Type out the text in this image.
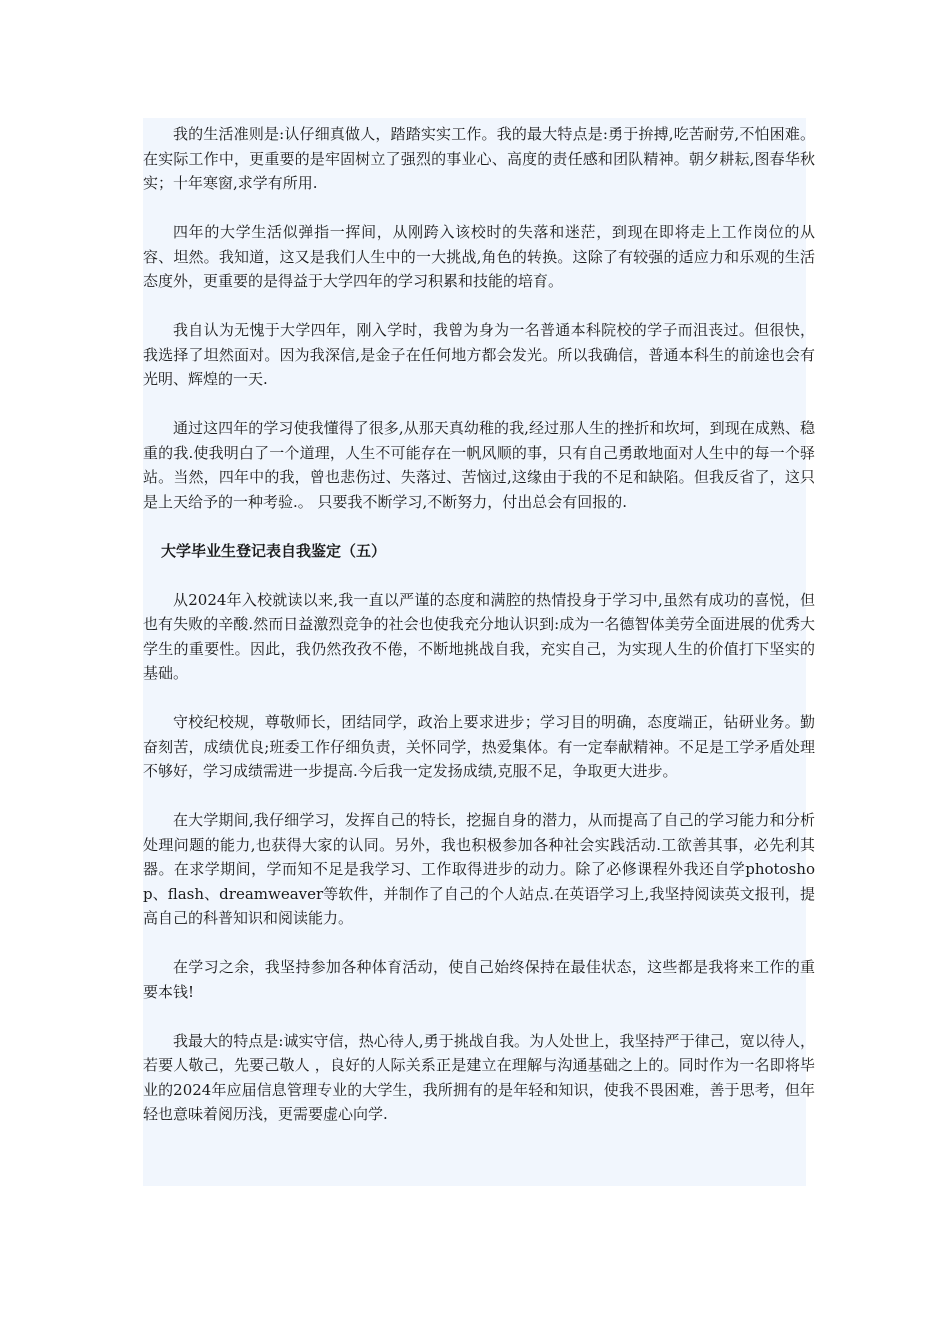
我的生活准则是:认仔细真做人，踏踏实实工作。我的最大特点是:勇于拚搏,吃苦耐劳,不怕困难。在实际工作中，更重要的是牢固树立了强烈的事业心、高度的责任感和团队精神。朝夕耕耘,图春华秋实；十年寒窗,求学有所用.

四年的大学生活似弹指一挥间，从刚跨入该校时的失落和迷茫，到现在即将走上工作岗位的从容、坦然。我知道，这又是我们人生中的一大挑战,角色的转换。这除了有较强的适应力和乐观的生活态度外，更重要的是得益于大学四年的学习积累和技能的培育。

我自认为无愧于大学四年，刚入学时，我曾为身为一名普通本科院校的学子而沮丧过。但很快，我选择了坦然面对。因为我深信,是金子在任何地方都会发光。所以我确信，普通本科生的前途也会有光明、辉煌的一天.

通过这四年的学习使我懂得了很多,从那天真幼稚的我,经过那人生的挫折和坎坷，到现在成熟、稳重的我.使我明白了一个道理，人生不可能存在一帆风顺的事，只有自己勇敢地面对人生中的每一个驿站。当然，四年中的我，曾也悲伤过、失落过、苦恼过,这缘由于我的不足和缺陷。但我反省了，这只是上天给予的一种考验.。 只要我不断学习,不断努力，付出总会有回报的.

大学毕业生登记表自我鉴定（五）

从2024年入校就读以来,我一直以严谨的态度和满腔的热情投身于学习中,虽然有成功的喜悦，但也有失败的辛酸.然而日益激烈竞争的社会也使我充分地认识到:成为一名德智体美劳全面进展的优秀大学生的重要性。因此，我仍然孜孜不倦，不断地挑战自我，充实自己，为实现人生的价值打下坚实的基础。

守校纪校规，尊敬师长，团结同学，政治上要求进步；学习目的明确，态度端正，钻研业务。勤奋刻苦，成绩优良;班委工作仔细负责，关怀同学，热爱集体。有一定奉献精神。不足是工学矛盾处理不够好，学习成绩需进一步提高.今后我一定发扬成绩,克服不足，争取更大进步。

在大学期间,我仔细学习，发挥自己的特长，挖掘自身的潜力，从而提高了自己的学习能力和分析处理问题的能力,也获得大家的认同。另外，我也积极参加各种社会实践活动.工欲善其事，必先利其器。在求学期间，学而知不足是我学习、工作取得进步的动力。除了必修课程外我还自学photoshop、flash、dreamweaver等软件，并制作了自己的个人站点.在英语学习上,我坚持阅读英文报刊，提高自己的科普知识和阅读能力。

在学习之余，我坚持参加各种体育活动，使自己始终保持在最佳状态，这些都是我将来工作的重要本钱!

我最大的特点是:诚实守信，热心待人,勇于挑战自我。为人处世上，我坚持严于律己，宽以待人，若要人敬己，先要己敬人 ，良好的人际关系正是建立在理解与沟通基础之上的。同时作为一名即将毕业的2024年应届信息管理专业的大学生，我所拥有的是年轻和知识，使我不畏困难，善于思考，但年轻也意味着阅历浅，更需要虚心向学.
